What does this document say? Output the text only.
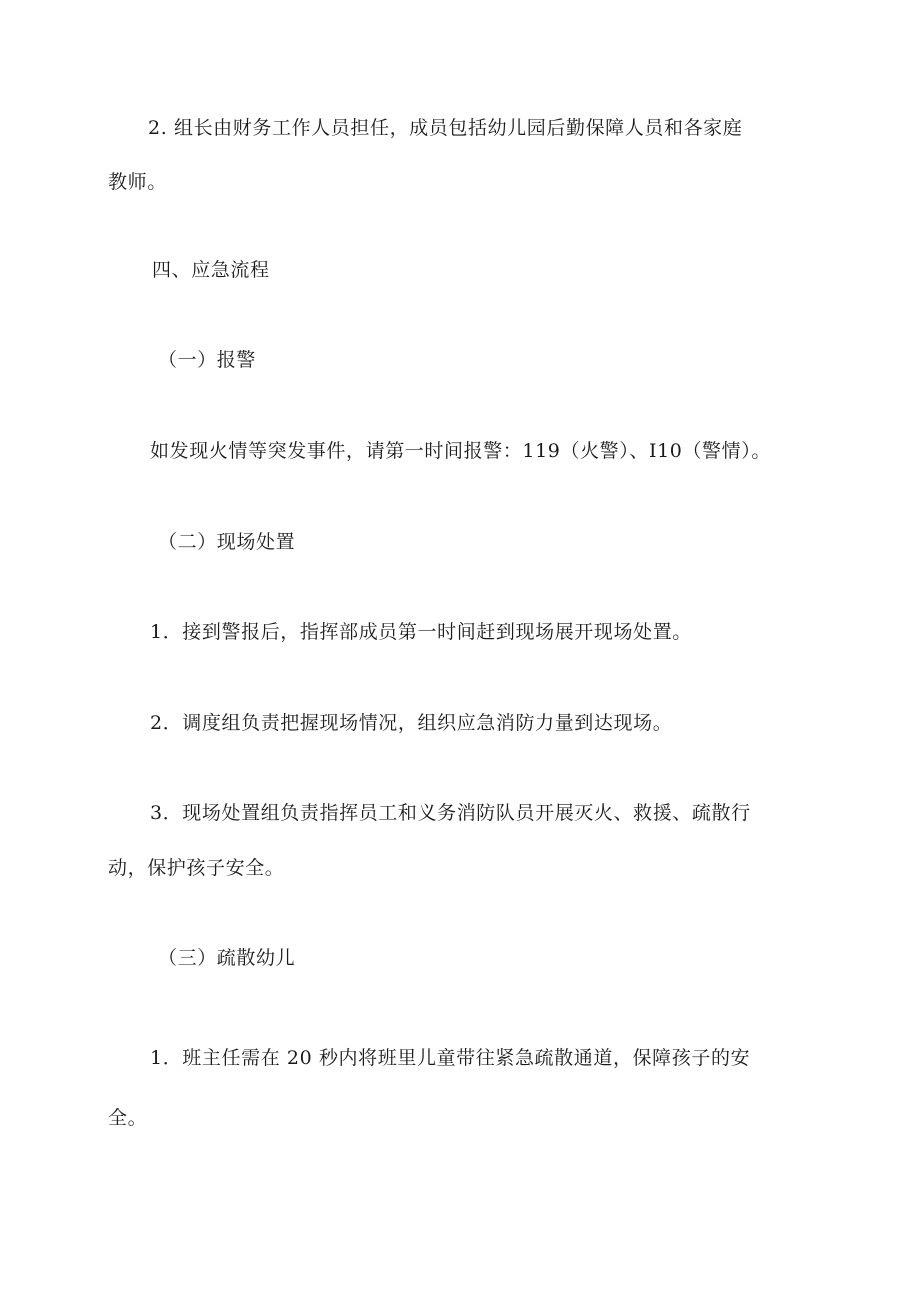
2. 组长由财务工作人员担任，成员包括幼儿园后勤保障人员和各家庭
教师。
四、应急流程
（一）报警
如发现火情等突发事件，请第一时间报警：119（火警）、I10（警情）。
（二）现场处置
1．接到警报后，指挥部成员第一时间赶到现场展开现场处置。
2．调度组负责把握现场情况，组织应急消防力量到达现场。
3．现场处置组负责指挥员工和义务消防队员开展灭火、救援、疏散行
动，保护孩子安全。
（三）疏散幼儿
1．班主任需在 20 秒内将班里儿童带往紧急疏散通道，保障孩子的安
全。
